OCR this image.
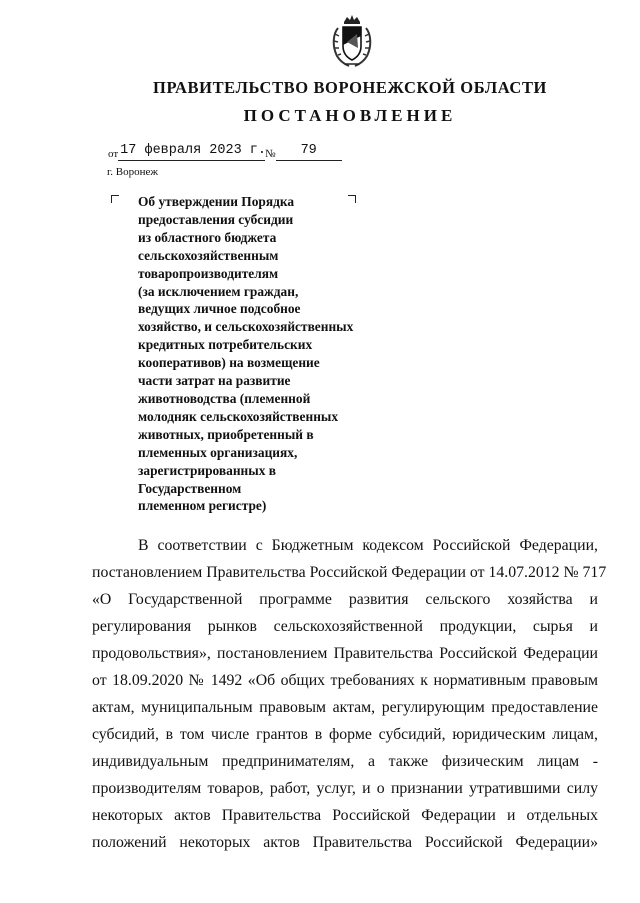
ПРАВИТЕЛЬСТВО ВОРОНЕЖСКОЙ ОБЛАСТИ
ПОСТАНОВЛЕНИЕ
от 17 февраля 2023 г. №	79
г. Воронеж
Об утверждении Порядка
предоставления субсидии
из областного бюджета
сельскохозяйственным
товаропроизводителям
(за исключением граждан,
ведущих личное подсобное
хозяйство, и сельскохозяйственных
кредитных потребительских
кооперативов) на возмещение
части затрат на развитие
животноводства (племенной
молодняк сельскохозяйственных
животных, приобретенный в
племенных организациях,
зарегистрированных в
Государственном
племенном регистре)
В соответствии с Бюджетным кодексом Российской Федерации,
постановлением Правительства Российской Федерации от 14.07.2012 № 717
«О Государственной программе развития сельского хозяйства и
регулирования рынков сельскохозяйственной продукции, сырья и
продовольствия», постановлением Правительства Российской Федерации
от 18.09.2020 № 1492 «Об общих требованиях к нормативным правовым
актам, муниципальным правовым актам, регулирующим предоставление
субсидий, в том числе грантов в форме субсидий, юридическим лицам,
индивидуальным предпринимателям, а также физическим лицам -
производителям товаров, работ, услуг, и о признании утратившими силу
некоторых актов Правительства Российской Федерации и отдельных
положений некоторых актов Правительства Российской Федерации»
